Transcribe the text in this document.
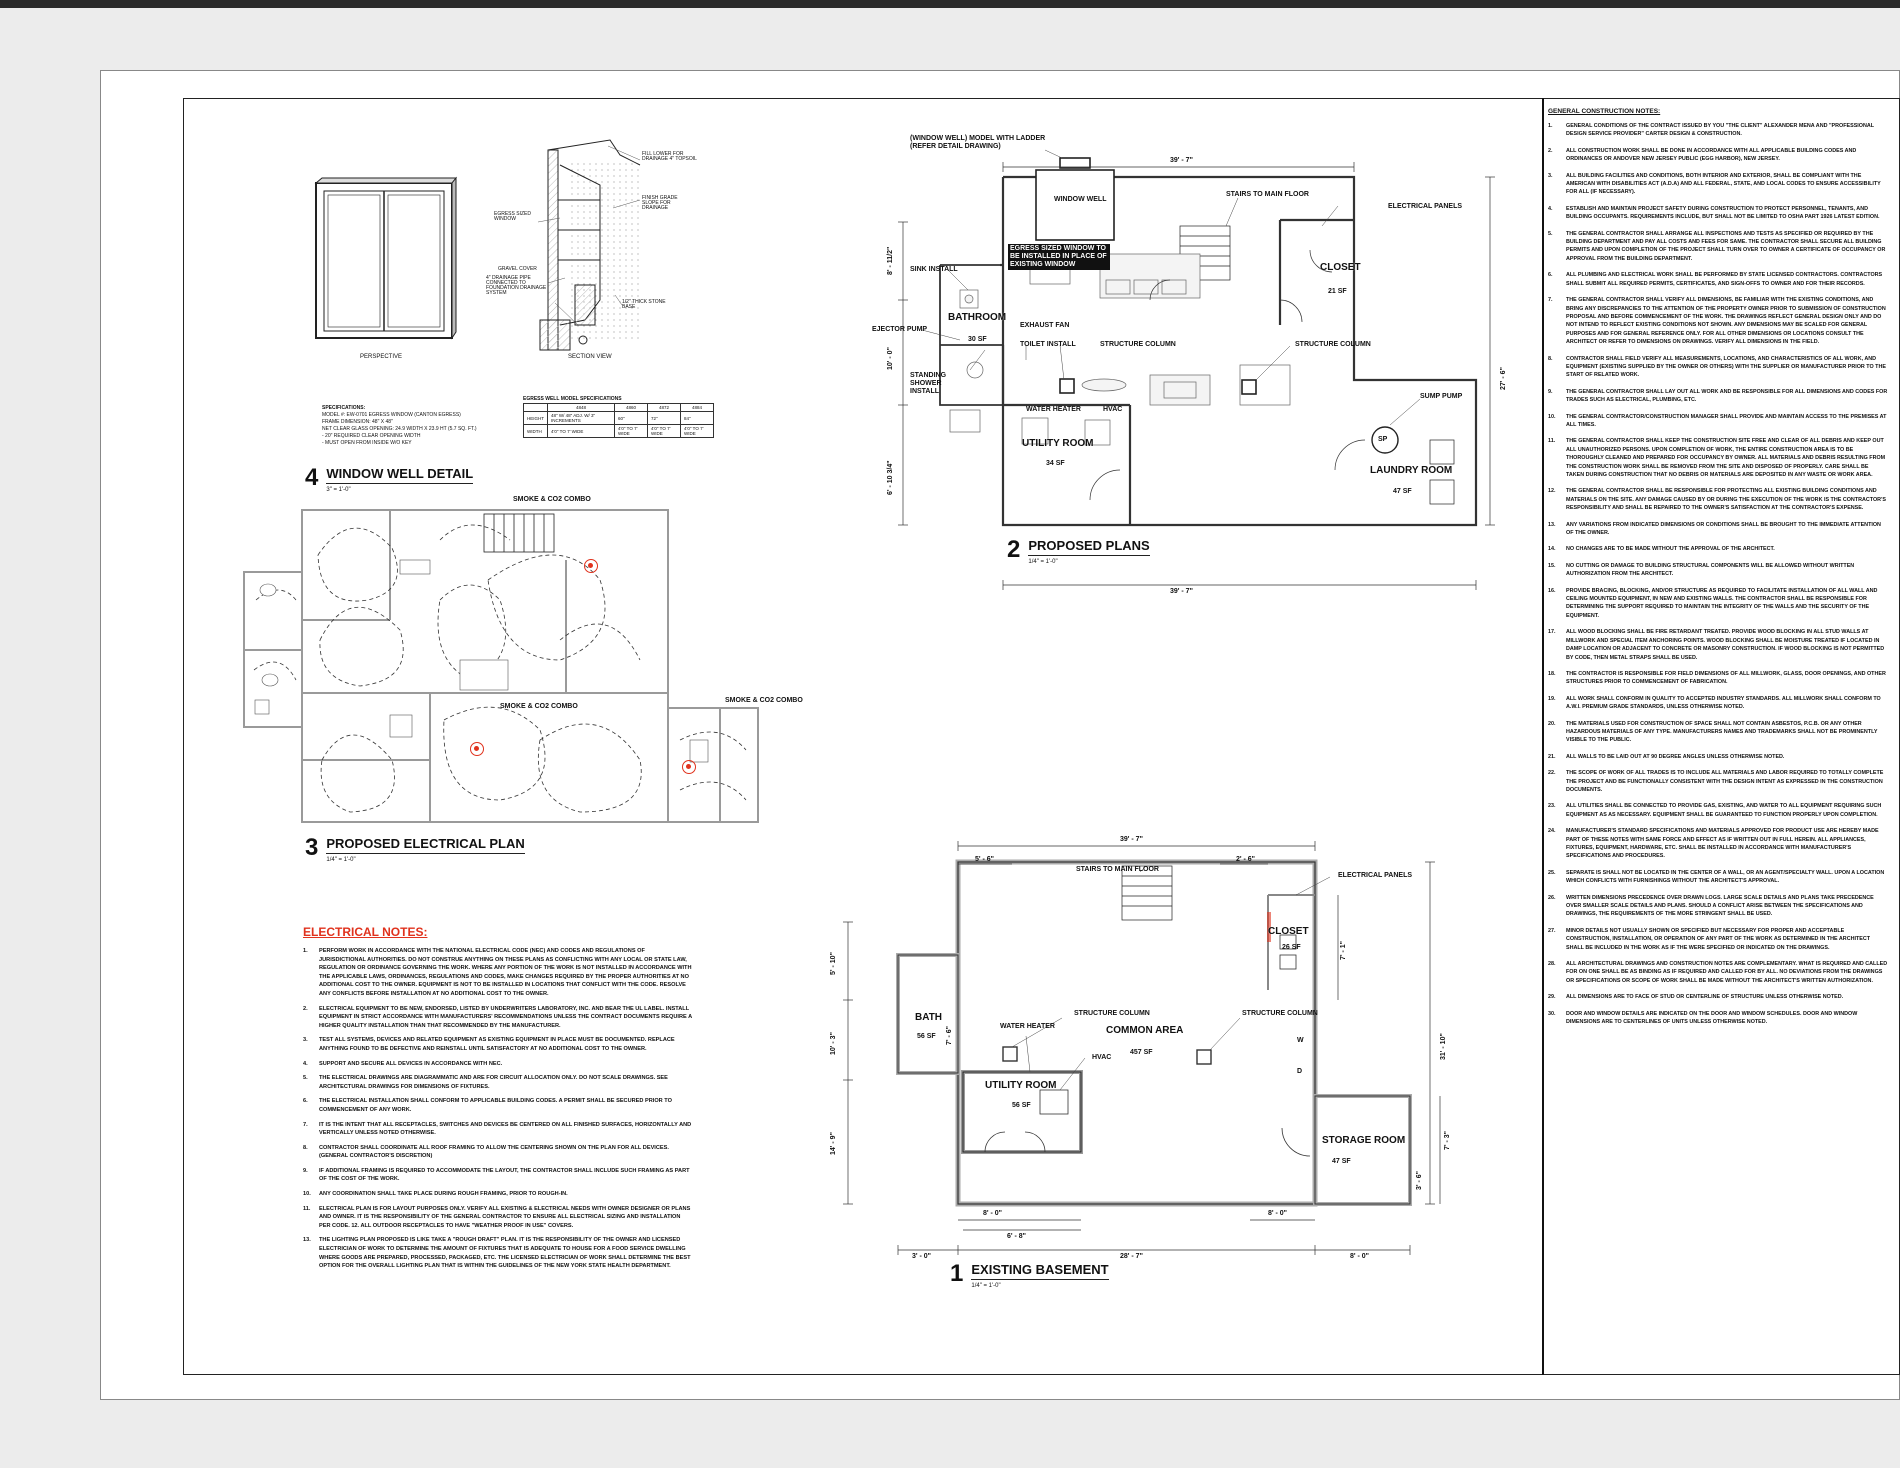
PERSPECTIVE	SECTION VIEW
FILL LOWER FOR DRAINAGE 4" TOPSOIL
EGRESS SIZED WINDOW
FINISH GRADE SLOPE FOR DRAINAGE
GRAVEL COVER
4" DRAINAGE PIPE CONNECTED TO FOUNDATION DRAINAGE SYSTEM
1/2" THICK STONE BASE
SPECIFICATIONS:
MODEL #: EW-0701 EGRESS WINDOW (CANTON EGRESS)
FRAME DIMENSION: 48" X 48"
NET CLEAR GLASS OPENING: 24.9 WIDTH X 23.9 HT (5.7 SQ. FT.)
- 20" REQUIRED CLEAR OPENING WIDTH
- MUST OPEN FROM INSIDE W/O KEY
EGRESS WELL MODEL SPECIFICATIONS
	4848	4860	4872	4884
HEIGHT	48" W/ 48" ADJ. W/ 3" INCREMENTS	60"	72"	84"
WIDTH	4'0" TO 7' WIDE	4'0" TO 7' WIDE	4'0" TO 7' WIDE	4'0" TO 7' WIDE
4 WINDOW WELL DETAIL
3" = 1'-0"
SMOKE & CO2 COMBO
SMOKE & CO2 COMBO
SMOKE & CO2 COMBO
3 PROPOSED ELECTRICAL PLAN
1/4" = 1'-0"
39' - 7"
39' - 7"
27' - 6"
8' - 11/2"
10' - 0"
6' - 10 3/4"
BATHROOM
30 SF
CLOSET
21 SF
UTILITY ROOM
34 SF
LAUNDRY ROOM
47 SF
(WINDOW WELL) MODEL WITH LADDER (REFER DETAIL DRAWING)
WINDOW WELL
STAIRS TO MAIN FLOOR
ELECTRICAL PANELS
EGRESS SIZED WINDOW TO BE INSTALLED IN PLACE OF EXISTING WINDOW
SINK INSTALL
EJECTOR PUMP
STANDING SHOWER INSTALL
EXHAUST FAN
TOILET INSTALL	STRUCTURE COLUMN	STRUCTURE COLUMN
WATER HEATER	HVAC
SUMP PUMP
SP
2 PROPOSED PLANS
1/4" = 1'-0"
39' - 7"
5' - 6"	2' - 6"
3' - 0"	28' - 7"	8' - 0"
8' - 0"
6' - 8"
8' - 0"
31' - 10"
7' - 1"
7' - 3"
3' - 6"
5' - 10"
10' - 3"
14' - 9"
7' - 6"
BATH
56 SF
CLOSET
26 SF
COMMON AREA
457 SF
UTILITY ROOM
56 SF
STORAGE ROOM
47 SF
STAIRS TO MAIN FLOOR
ELECTRICAL PANELS
STRUCTURE COLUMN	STRUCTURE COLUMN
WATER HEATER
HVAC
W
D
1 EXISTING BASEMENT
1/4" = 1'-0"
ELECTRICAL NOTES:
1.	PERFORM WORK IN ACCORDANCE WITH THE NATIONAL ELECTRICAL CODE (NEC) AND CODES AND REGULATIONS OF JURISDICTIONAL AUTHORITIES. DO NOT CONSTRUE ANYTHING ON THESE PLANS AS CONFLICTING WITH ANY LOCAL OR STATE LAW, REGULATION OR ORDINANCE GOVERNING THE WORK. WHERE ANY PORTION OF THE WORK IS NOT INSTALLED IN ACCORDANCE WITH THE APPLICABLE LAWS, ORDINANCES, REGULATIONS AND CODES, MAKE CHANGES REQUIRED BY THE PROPER AUTHORITIES AT NO ADDITIONAL COST TO THE OWNER. EQUIPMENT IS NOT TO BE INSTALLED IN LOCATIONS THAT CONFLICT WITH THE CODE. RESOLVE ANY CONFLICTS BEFORE INSTALLATION AT NO ADDITIONAL COST TO THE OWNER.
2.	ELECTRICAL EQUIPMENT TO BE NEW, ENDORSED, LISTED BY UNDERWRITERS LABORATORY, INC. AND BEAR THE UL LABEL. INSTALL EQUIPMENT IN STRICT ACCORDANCE WITH MANUFACTURERS' RECOMMENDATIONS UNLESS THE CONTRACT DOCUMENTS REQUIRE A HIGHER QUALITY INSTALLATION THAN THAT RECOMMENDED BY THE MANUFACTURER.
3.	TEST ALL SYSTEMS, DEVICES AND RELATED EQUIPMENT AS EXISTING EQUIPMENT IN PLACE MUST BE DOCUMENTED. REPLACE ANYTHING FOUND TO BE DEFECTIVE AND REINSTALL UNTIL SATISFACTORY AT NO ADDITIONAL COST TO THE OWNER.
4.	SUPPORT AND SECURE ALL DEVICES IN ACCORDANCE WITH NEC.
5.	THE ELECTRICAL DRAWINGS ARE DIAGRAMMATIC AND ARE FOR CIRCUIT ALLOCATION ONLY. DO NOT SCALE DRAWINGS. SEE ARCHITECTURAL DRAWINGS FOR DIMENSIONS OF FIXTURES.
6.	THE ELECTRICAL INSTALLATION SHALL CONFORM TO APPLICABLE BUILDING CODES. A PERMIT SHALL BE SECURED PRIOR TO COMMENCEMENT OF ANY WORK.
7.	IT IS THE INTENT THAT ALL RECEPTACLES, SWITCHES AND DEVICES BE CENTERED ON ALL FINISHED SURFACES, HORIZONTALLY AND VERTICALLY UNLESS NOTED OTHERWISE.
8.	CONTRACTOR SHALL COORDINATE ALL ROOF FRAMING TO ALLOW THE CENTERING SHOWN ON THE PLAN FOR ALL DEVICES. (GENERAL CONTRACTOR'S DISCRETION)
9.	IF ADDITIONAL FRAMING IS REQUIRED TO ACCOMMODATE THE LAYOUT, THE CONTRACTOR SHALL INCLUDE SUCH FRAMING AS PART OF THE COST OF THE WORK.
10.	ANY COORDINATION SHALL TAKE PLACE DURING ROUGH FRAMING, PRIOR TO ROUGH-IN.
11.	ELECTRICAL PLAN IS FOR LAYOUT PURPOSES ONLY. VERIFY ALL EXISTING & ELECTRICAL NEEDS WITH OWNER DESIGNER OR PLANS AND OWNER. IT IS THE RESPONSIBILITY OF THE GENERAL CONTRACTOR TO ENSURE ALL ELECTRICAL SIZING AND INSTALLATION PER CODE. 12. ALL OUTDOOR RECEPTACLES TO HAVE "WEATHER PROOF IN USE" COVERS.
13.	THE LIGHTING PLAN PROPOSED IS LIKE TAKE A "ROUGH DRAFT" PLAN. IT IS THE RESPONSIBILITY OF THE OWNER AND LICENSED ELECTRICIAN OF WORK TO DETERMINE THE AMOUNT OF FIXTURES THAT IS ADEQUATE TO HOUSE FOR A FOOD SERVICE DWELLING WHERE GOODS ARE PREPARED, PROCESSED, PACKAGED, ETC. THE LICENSED ELECTRICIAN OF WORK SHALL DETERMINE THE BEST OPTION FOR THE OVERALL LIGHTING PLAN THAT IS WITHIN THE GUIDELINES OF THE NEW YORK STATE HEALTH DEPARTMENT.
GENERAL CONSTRUCTION NOTES:
1.	GENERAL CONDITIONS OF THE CONTRACT ISSUED BY YOU "THE CLIENT" ALEXANDER MENA AND "PROFESSIONAL DESIGN SERVICE PROVIDER" CARTER DESIGN & CONSTRUCTION.
2.	ALL CONSTRUCTION WORK SHALL BE DONE IN ACCORDANCE WITH ALL APPLICABLE BUILDING CODES AND ORDINANCES OR ANDOVER NEW JERSEY PUBLIC (EGG HARBOR), NEW JERSEY.
3.	ALL BUILDING FACILITIES AND CONDITIONS, BOTH INTERIOR AND EXTERIOR, SHALL BE COMPLIANT WITH THE AMERICAN WITH DISABILITIES ACT (A.D.A) AND ALL FEDERAL, STATE, AND LOCAL CODES TO ENSURE ACCESSIBILITY FOR ALL (IF NECESSARY).
4.	ESTABLISH AND MAINTAIN PROJECT SAFETY DURING CONSTRUCTION TO PROTECT PERSONNEL, TENANTS, AND BUILDING OCCUPANTS. REQUIREMENTS INCLUDE, BUT SHALL NOT BE LIMITED TO OSHA PART 1926 LATEST EDITION.
5.	THE GENERAL CONTRACTOR SHALL ARRANGE ALL INSPECTIONS AND TESTS AS SPECIFIED OR REQUIRED BY THE BUILDING DEPARTMENT AND PAY ALL COSTS AND FEES FOR SAME. THE CONTRACTOR SHALL SECURE ALL BUILDING PERMITS AND UPON COMPLETION OF THE PROJECT SHALL TURN OVER TO OWNER A CERTIFICATE OF OCCUPANCY OR APPROVAL FROM THE BUILDING DEPARTMENT.
6.	ALL PLUMBING AND ELECTRICAL WORK SHALL BE PERFORMED BY STATE LICENSED CONTRACTORS. CONTRACTORS SHALL SUBMIT ALL REQUIRED PERMITS, CERTIFICATES, AND SIGN-OFFS TO OWNER AND FOR THEIR RECORDS.
7.	THE GENERAL CONTRACTOR SHALL VERIFY ALL DIMENSIONS, BE FAMILIAR WITH THE EXISTING CONDITIONS, AND BRING ANY DISCREPANCIES TO THE ATTENTION OF THE PROPERTY OWNER PRIOR TO SUBMISSION OF CONSTRUCTION PROPOSAL AND BEFORE COMMENCEMENT OF THE WORK. THE DRAWINGS REFLECT GENERAL DESIGN ONLY AND DO NOT INTEND TO REFLECT EXISTING CONDITIONS NOT SHOWN. ANY DIMENSIONS MAY BE SCALED FOR GENERAL PURPOSES AND FOR GENERAL REFERENCE ONLY. FOR ALL OTHER DIMENSIONS OR LOCATIONS CONSULT THE ARCHITECT OR REFER TO DIMENSIONS ON DRAWINGS. VERIFY ALL DIMENSIONS IN THE FIELD.
8.	CONTRACTOR SHALL FIELD VERIFY ALL MEASUREMENTS, LOCATIONS, AND CHARACTERISTICS OF ALL WORK, AND EQUIPMENT (EXISTING SUPPLIED BY THE OWNER OR OTHERS) WITH THE SUPPLIER OR MANUFACTURER PRIOR TO THE START OF RELATED WORK.
9.	THE GENERAL CONTRACTOR SHALL LAY OUT ALL WORK AND BE RESPONSIBLE FOR ALL DIMENSIONS AND CODES FOR TRADES SUCH AS ELECTRICAL, PLUMBING, ETC.
10.	THE GENERAL CONTRACTOR/CONSTRUCTION MANAGER SHALL PROVIDE AND MAINTAIN ACCESS TO THE PREMISES AT ALL TIMES.
11.	THE GENERAL CONTRACTOR SHALL KEEP THE CONSTRUCTION SITE FREE AND CLEAR OF ALL DEBRIS AND KEEP OUT ALL UNAUTHORIZED PERSONS. UPON COMPLETION OF WORK, THE ENTIRE CONSTRUCTION AREA IS TO BE THOROUGHLY CLEANED AND PREPARED FOR OCCUPANCY BY OWNER. ALL MATERIALS AND DEBRIS RESULTING FROM THE CONSTRUCTION WORK SHALL BE REMOVED FROM THE SITE AND DISPOSED OF PROPERLY. CARE SHALL BE TAKEN DURING CONSTRUCTION THAT NO DEBRIS OR MATERIALS ARE DEPOSITED IN ANY WASTE OR WORK AREA.
12.	THE GENERAL CONTRACTOR SHALL BE RESPONSIBLE FOR PROTECTING ALL EXISTING BUILDING CONDITIONS AND MATERIALS ON THE SITE. ANY DAMAGE CAUSED BY OR DURING THE EXECUTION OF THE WORK IS THE CONTRACTOR'S RESPONSIBILITY AND SHALL BE REPAIRED TO THE OWNER'S SATISFACTION AT THE CONTRACTOR'S EXPENSE.
13.	ANY VARIATIONS FROM INDICATED DIMENSIONS OR CONDITIONS SHALL BE BROUGHT TO THE IMMEDIATE ATTENTION OF THE OWNER.
14.	NO CHANGES ARE TO BE MADE WITHOUT THE APPROVAL OF THE ARCHITECT.
15.	NO CUTTING OR DAMAGE TO BUILDING STRUCTURAL COMPONENTS WILL BE ALLOWED WITHOUT WRITTEN AUTHORIZATION FROM THE ARCHITECT.
16.	PROVIDE BRACING, BLOCKING, AND/OR STRUCTURE AS REQUIRED TO FACILITATE INSTALLATION OF ALL WALL AND CEILING MOUNTED EQUIPMENT, IN NEW AND EXISTING WALLS. THE CONTRACTOR SHALL BE RESPONSIBLE FOR DETERMINING THE SUPPORT REQUIRED TO MAINTAIN THE INTEGRITY OF THE WALLS AND THE SECURITY OF THE EQUIPMENT.
17.	ALL WOOD BLOCKING SHALL BE FIRE RETARDANT TREATED. PROVIDE WOOD BLOCKING IN ALL STUD WALLS AT MILLWORK AND SPECIAL ITEM ANCHORING POINTS. WOOD BLOCKING SHALL BE MOISTURE TREATED IF LOCATED IN DAMP LOCATION OR ADJACENT TO CONCRETE OR MASONRY CONSTRUCTION. IF WOOD BLOCKING IS NOT PERMITTED BY CODE, THEN METAL STRAPS SHALL BE USED.
18.	THE CONTRACTOR IS RESPONSIBLE FOR FIELD DIMENSIONS OF ALL MILLWORK, GLASS, DOOR OPENINGS, AND OTHER STRUCTURES PRIOR TO COMMENCEMENT OF FABRICATION.
19.	ALL WORK SHALL CONFORM IN QUALITY TO ACCEPTED INDUSTRY STANDARDS. ALL MILLWORK SHALL CONFORM TO A.W.I. PREMIUM GRADE STANDARDS, UNLESS OTHERWISE NOTED.
20.	THE MATERIALS USED FOR CONSTRUCTION OF SPACE SHALL NOT CONTAIN ASBESTOS, P.C.B. OR ANY OTHER HAZARDOUS MATERIALS OF ANY TYPE. MANUFACTURERS NAMES AND TRADEMARKS SHALL NOT BE PROMINENTLY VISIBLE TO THE PUBLIC.
21.	ALL WALLS TO BE LAID OUT AT 90 DEGREE ANGLES UNLESS OTHERWISE NOTED.
22.	THE SCOPE OF WORK OF ALL TRADES IS TO INCLUDE ALL MATERIALS AND LABOR REQUIRED TO TOTALLY COMPLETE THE PROJECT AND BE FUNCTIONALLY CONSISTENT WITH THE DESIGN INTENT AS EXPRESSED IN THE CONSTRUCTION DOCUMENTS.
23.	ALL UTILITIES SHALL BE CONNECTED TO PROVIDE GAS, EXISTING, AND WATER TO ALL EQUIPMENT REQUIRING SUCH EQUIPMENT AS AS NECESSARY. EQUIPMENT SHALL BE GUARANTEED TO FUNCTION PROPERLY UPON COMPLETION.
24.	MANUFACTURER'S STANDARD SPECIFICATIONS AND MATERIALS APPROVED FOR PRODUCT USE ARE HEREBY MADE PART OF THESE NOTES WITH SAME FORCE AND EFFECT AS IF WRITTEN OUT IN FULL HEREIN. ALL APPLIANCES, FIXTURES, EQUIPMENT, HARDWARE, ETC. SHALL BE INSTALLED IN ACCORDANCE WITH MANUFACTURER'S SPECIFICATIONS AND PROCEDURES.
25.	SEPARATE IS SHALL NOT BE LOCATED IN THE CENTER OF A WALL, OR AN AGENT/SPECIALTY WALL. UPON A LOCATION WHICH CONFLICTS WITH FURNISHINGS WITHOUT THE ARCHITECT'S APPROVAL.
26.	WRITTEN DIMENSIONS PRECEDENCE OVER DRAWN LOGS. LARGE SCALE DETAILS AND PLANS TAKE PRECEDENCE OVER SMALLER SCALE DETAILS AND PLANS. SHOULD A CONFLICT ARISE BETWEEN THE SPECIFICATIONS AND DRAWINGS, THE REQUIREMENTS OF THE MORE STRINGENT SHALL BE USED.
27.	MINOR DETAILS NOT USUALLY SHOWN OR SPECIFIED BUT NECESSARY FOR PROPER AND ACCEPTABLE CONSTRUCTION, INSTALLATION, OR OPERATION OF ANY PART OF THE WORK AS DETERMINED IN THE ARCHITECT SHALL BE INCLUDED IN THE WORK AS IF THE WERE SPECIFIED OR INDICATED ON THE DRAWINGS.
28.	ALL ARCHITECTURAL DRAWINGS AND CONSTRUCTION NOTES ARE COMPLEMENTARY. WHAT IS REQUIRED AND CALLED FOR ON ONE SHALL BE AS BINDING AS IF REQUIRED AND CALLED FOR BY ALL. NO DEVIATIONS FROM THE DRAWINGS OR SPECIFICATIONS OR SCOPE OF WORK SHALL BE MADE WITHOUT THE ARCHITECT'S WRITTEN AUTHORIZATION.
29.	ALL DIMENSIONS ARE TO FACE OF STUD OR CENTERLINE OF STRUCTURE UNLESS OTHERWISE NOTED.
30.	DOOR AND WINDOW DETAILS ARE INDICATED ON THE DOOR AND WINDOW SCHEDULES. DOOR AND WINDOW DIMENSIONS ARE TO CENTERLINES OF UNITS UNLESS OTHERWISE NOTED.
